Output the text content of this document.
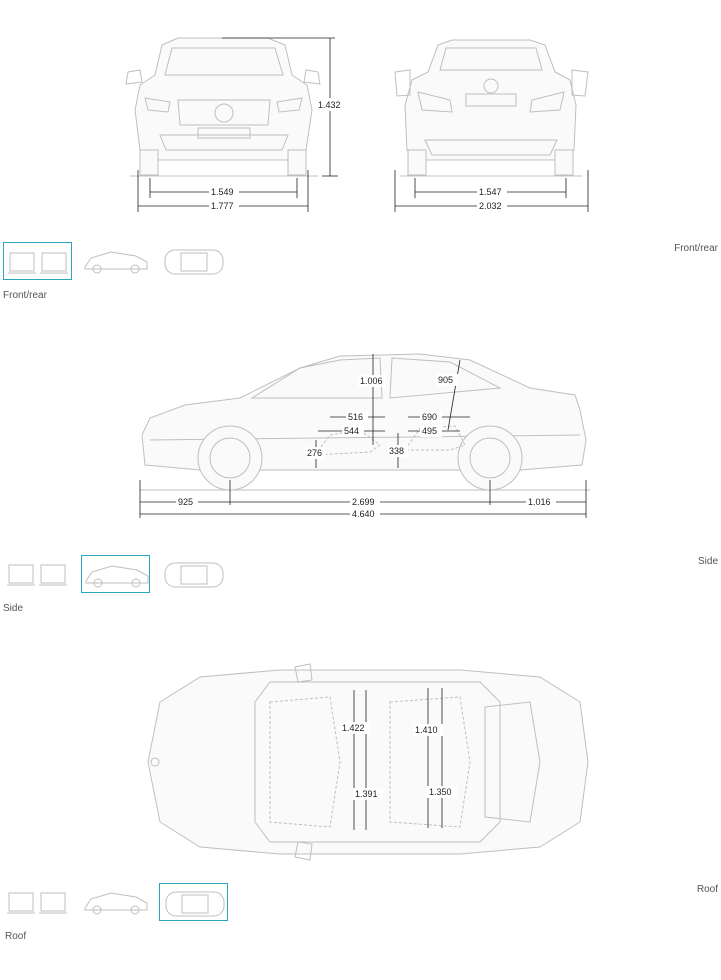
1.432
1.549
1.777
1.547
2.032
Front/rear
Front/rear
1.006	905
516
544
690
495
276	338
925	2.699	1.016
4.640
Side
Side
1.422	1.410
1.391	1.350
Roof
Roof
